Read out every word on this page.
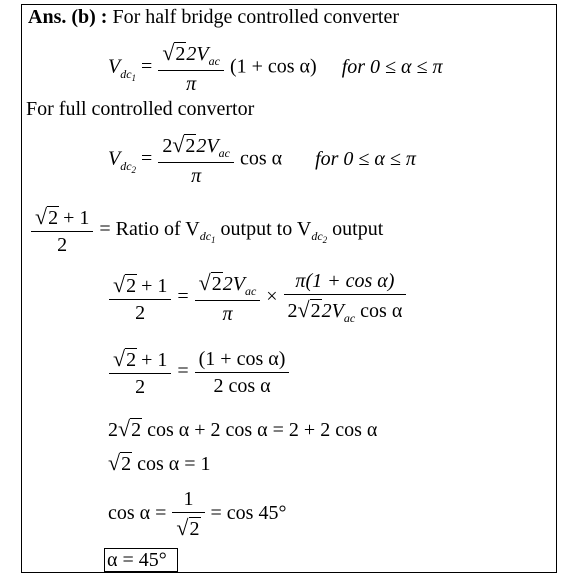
Ans. (b) : For half bridge controlled converter
$V_{dc_1} = \frac{√22V_{ac}}{\pi} (1 + \cos \alpha)$ for 0 ≤ α ≤ π
For full controlled convertor
$V_{dc_2} = \frac{2√22V_{ac}}{\pi}$ cos α for 0 ≤ α ≤ π
$\frac{√2 + 1}{2}$ = Ratio of $V_{dc_1}$ output to $V_{dc_2}$ output
$\frac{√2 + 1}{2} = \frac{√22V_{ac}}{\pi} \times \frac{\text{π(1 + cos α)}}{2√22V_{ac} \cos \alpha}$
$\frac{√2 + 1}{2} = \frac{\text{(1 + cos α)}}{\text{2 cos α}}$
2√2 cos α + 2 cos α = 2 + 2 cos α
√2 cos α = 1
$\cos \alpha = \frac{1}{√2} = \cos 45^\circ$
α = 45°
